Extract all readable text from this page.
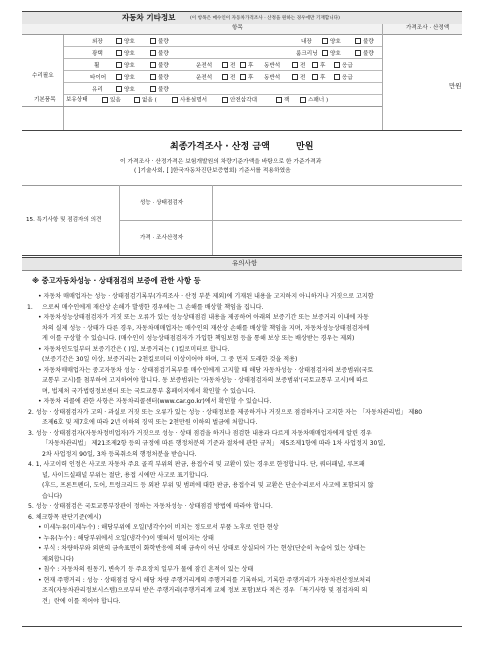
자동차 기타정보	(이 항목은 매수인이 자동차가격조사 · 산정을 원하는 경우에만 기재합니다)
항목	가격조사 · 산정액
수리필요
만원
외장	양호	불량	내장	양호	불량
광택	양호	불량	룸크리닝 양호	불량
휠	양호	불량	운전석	전 후 동반석	전	후	응급
타이어	양호	불량	운전석	전 후 동반석	전	후	응급
유리	양호	불량
기본품목 보유상태	있음	없음 (	사용설명서	안전삼각대	잭	스패너 )
최종가격조사 · 산정 금액	만원
이 가격조사 · 산정가격은 보험개발원의 차량기준가액을 바탕으로 한 가준가격과
( ]기술사회, [ ]한국자동차진단보증협회) 기준서를 적용하였음
15. 특기사항 및 점검자의 의견
성능 · 상태점검자
가격 · 조사산정자
유의사항
※ 중고자동차성능 · 상태점검의 보증에 관한 사항 등
1.
• 자동차 매매업자는 성능 · 상태점검기록부(가격조사 · 산정 부분 제외)에 기재된 내용을 고지하지 아니하거나 거짓으로 고지함
으로써 매수인에게 재산상 손해가 발생한 경우에는 그 손해를 배상할 책임을 집니다.
• 자동차성능상태점검자가 거짓 또는 오류가 있는 성능상태점검 내용을 제공하여 아래의 보증기간 또는 보증거리 이내에 자동
차의 실제 성능 · 상태가 다른 경우, 자동차매매업자는 매수인의 재산상 손해를 배상할 책임을 지며, 자동차성능상태점검자에
게 이를 구상할 수 있습니다. (매수인이 성능상태점검자가 가입한 책임보험 등을 통해 보상 또는 배상받는 경우는 제외)
• 자동차인도일부터 보증기간은 ( )일, 보증거리는 ( )킬로미터로 합니다.
(보증기간은 30일 이상, 보증거리는 2천킬로미터 이상이어야 하며, 그 중 먼저 도래한 것을 적용)
• 자동차매매업자는 중고자동차 성능 · 상태점검기록부를 매수인에게 고지할 때 해당 자동차성능 · 상태점검자의 보증범위(국토
교통부 고시)를 첨부하여 고지하여야 합니다. 동 보증범위는 '자동차성능 · 상태점검자의 보증범위'(국토교통부 고시)에 따르
며, 법제처 국가법령정보센터 또는 국토교통부 홈페이지에서 확인할 수 있습니다.
• 자동차 리콜에 관한 사항은 자동차리콜센터(www.car.go.kr)에서 확인할 수 있습니다.
2. 성능 · 상태점검자가 고의 · 과실로 거짓 또는 오류가 있는 성능 · 상태정보를 제공하거나 거짓으로 점검하거나 고지한 자는 「자동차관리법」 제80
조제6호 및 제7호에 따라 2년 이하의 징역 또는 2천만원 이하의 벌금에 처합니다.
3. 성능 · 상태점검자(자동차정비업자)가 거짓으로 성능 · 상태 점검을 하거나 점검한 내용과 다르게 자동차매매업자에게 알린 경우
「자동차관리법」 제21조제2항 등의 규정에 따른 행정처분의 기준과 절차에 관한 규칙」 제5조제1항에 따라 1차 사업정지 30일,
2차 사업정지 90일, 3차 등록취소의 행정처분을 받습니다.
4. 1, 사고이력 인정은 사고로 자동차 주요 골격 부위의 판금, 용접수리 및 교환이 있는 경우로 한정합니다. 단, 쿼터패널, 루프패
널, 사이드실패널 부위는 절단, 용접 시에만 사고로 표기합니다.
(후드, 프론트펜더, 도어, 트렁크리드 등 외판 부위 및 범퍼에 대한 판금, 용접수리 및 교환은 단순수리로서 사고에 포함되지 않
습니다)
5. 성능 · 상태점검은 국토교통부장관이 정하는 자동차성능 · 상태점검 방법에 따라야 합니다.
6. 체크항목 판단기준(예시)
• 미세누유(미세누수) : 해당부위에 오일(냉각수)이 비치는 정도로서 부품 노후로 인한 현상
• 누유(누수) : 해당부위에서 오일(냉각수)이 맺혀서 떨어지는 상태
• 부식 : 차량하부와 외판의 금속표면이 화학반응에 의해 금속이 아닌 상태로 상실되어 가는 현상(단순히 녹슬어 있는 상태는
제외합니다)
• 침수 : 자동차의 원동기, 변속기 등 주요장치 일부가 물에 잠긴 흔적이 있는 상태
• 현재 주행거리 : 성능 · 상태점검 당시 해당 차량 주행거리계의 주행거리를 기록하되, 기록한 주행거리가 자동차전산정보처리
조직(자동차관리정보시스템)으로부터 받은 주행거리(주행거리계 교체 정보 포함)보다 적은 경우 「특기사항 및 점검자의 의
견」란에 이를 적어야 합니다.
